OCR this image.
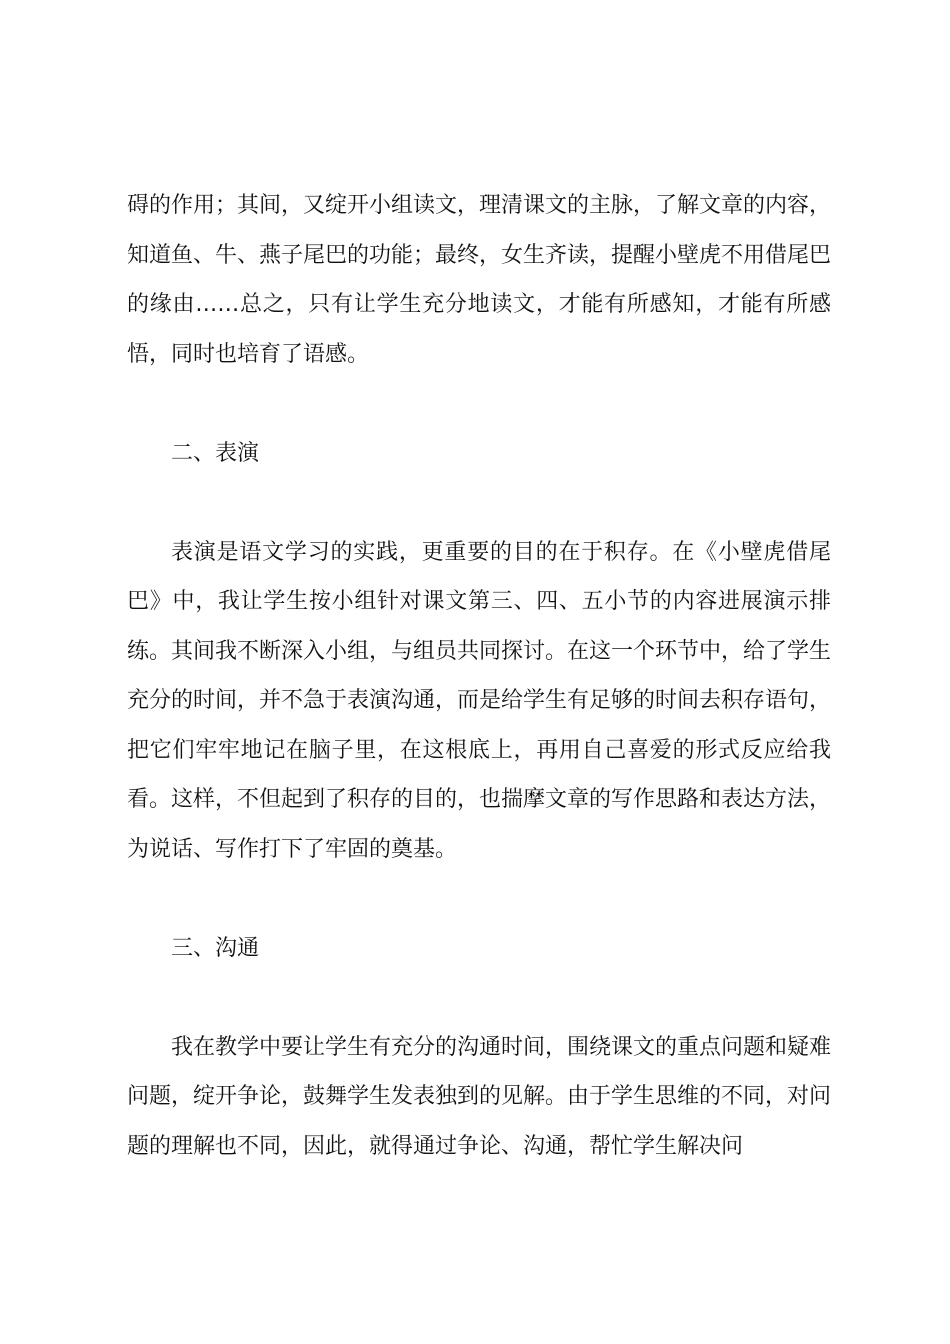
碍的作用；其间，又绽开小组读文，理清课文的主脉，了解文章的内容，知道鱼、牛、燕子尾巴的功能；最终，女生齐读，提醒小壁虎不用借尾巴的缘由……总之，只有让学生充分地读文，才能有所感知，才能有所感悟，同时也培育了语感。

二、表演

表演是语文学习的实践，更重要的目的在于积存。在《小壁虎借尾巴》中，我让学生按小组针对课文第三、四、五小节的内容进展演示排练。其间我不断深入小组，与组员共同探讨。在这一个环节中，给了学生充分的时间，并不急于表演沟通，而是给学生有足够的时间去积存语句，把它们牢牢地记在脑子里，在这根底上，再用自己喜爱的形式反应给我看。这样，不但起到了积存的目的，也揣摩文章的写作思路和表达方法，为说话、写作打下了牢固的奠基。

三、沟通

我在教学中要让学生有充分的沟通时间，围绕课文的重点问题和疑难问题，绽开争论，鼓舞学生发表独到的见解。由于学生思维的不同，对问题的理解也不同，因此，就得通过争论、沟通，帮忙学生解决问
